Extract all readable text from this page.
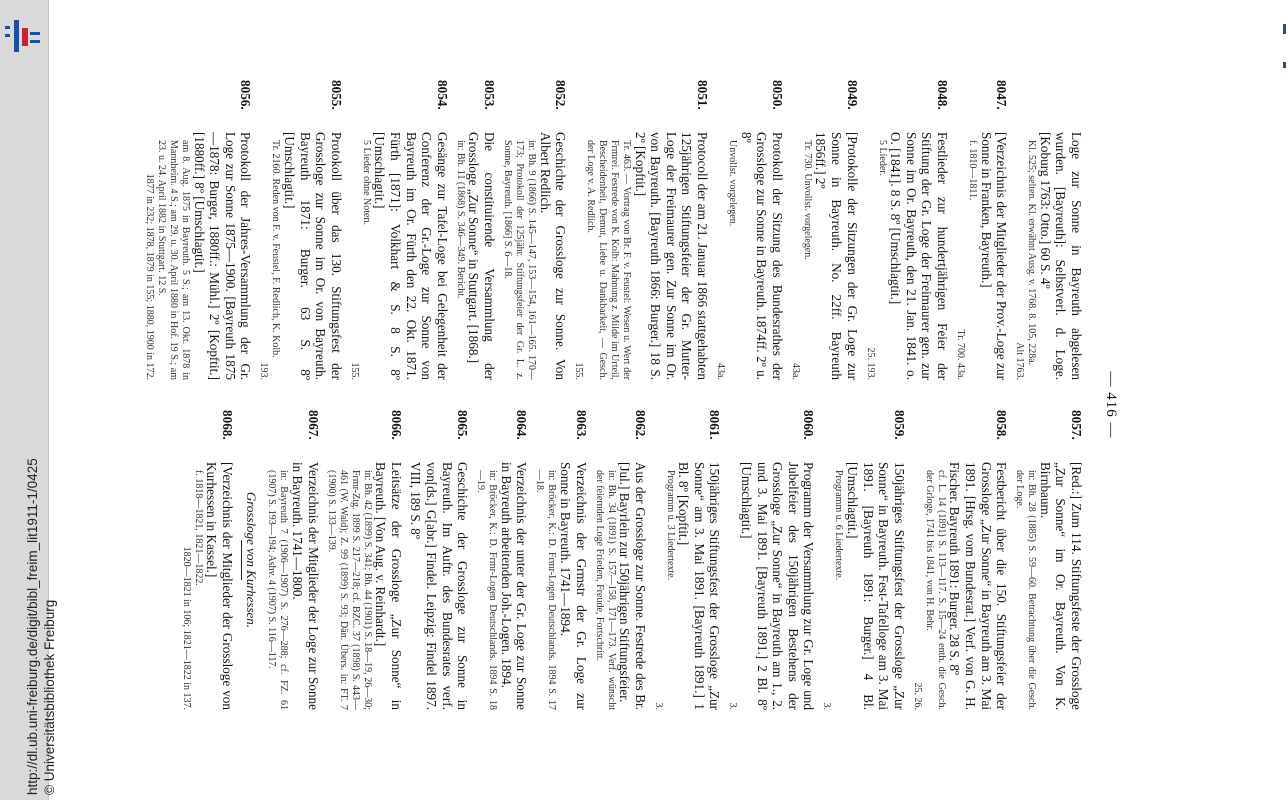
http://dl.ub.uni-freiburg.de/digit/bibl_freim_lit1911-1/0425 © Universitätsbibliothek Freiburg
— 416 —
Loge zur Sonne in Bayreuth abgelesen wurden. [Bayreuth]: Selbstverl. d. Loge. [Koburg 1763: Otto.] 60 S. 4º
Kl. 525; selten. Kl. erwähnt Ausg. v. 1768. 8. 105, 228a.
Alt 1763.
8047.
[Verzeichnis der Mitglieder der Prov.-Loge zur Sonne in Franken, Bayreuth.]
f. 1810—1811.
Tr. 700. 43a.
8048.
Festlieder zur hundertjährigen Feier der Stiftung der Gr. Loge der Freimaurer gen. zur Sonne im Or. Bayreuth, den 21. Jan. 1841. o. O. [1841]. 8 S. 8º [Umschlagtit.]
5 Lieder.
25. 193.
8049.
[Protokolle der Sitzungen der Gr. Loge zur Sonne in Bayreuth. No. 22ff. Bayreuth 1856ff.] 2º
Tr. 730. Unvollst. vorgelegen.
43a.
8050.
Protokoll der Sitzung des Bundesrathes der Grossloge zur Sonne in Bayreuth. 1874ff. 2º u. 8º
Unvollst. vorgelegen.
43a.
8051.
Protocoll der am 21. Januar 1866 stattgehabten 125jährigen Stiftungsfeier der Gr. Mutter-Loge der Freimaurer gen. Zur Sonne im Or. von Bayreuth. [Bayreuth 1866: Burger.] 18 S. 2º [Kopftit.]
Tr. 463. — Vortrag von Br. F. v. Feustel: Wesen u. Wert der Frmrei. Festrede von K. Kolb: Mahnung z. Milde im Urteil, Bescheidenheit, Demut, Liebe u. Dankbarkeit, — Gesch. der Loge v. A. Redlich.
155.
8052.
Geschichte der Grossloge zur Sonne. Von Albert Redlich.
in: Bh. 9 (1866) S. 145—147, 153—154, 161—165. 170—173; Protokoll der 125jähr. Stiftungsfeier der Gr. L. z. Sonne, Bayreuth. [1866] S. 6—18.
8053.
Die constituirende Versammlung der Grossloge „Zur Sonne“ in Stuttgart. [1868.]
in: Bh. 11 (1868) S. 346—349. Bericht.
8054.
Gesänge zur Tafel-Loge bei Gelegenheit der Conferenz der Gr.-Loge zur Sonne von Bayreuth im Or. Fürth den 22. Okt. 1871. Fürth [1871]: Volkhart & S. 8 S. 8º [Umschlagtit.]
5 Lieder ohne Noten.
155.
8055.
Protokoll über das 130. Stiftungsfest der Grossloge zur Sonne im Or. von Bayreuth. Bayreuth 1871: Burger. 63 S. 8º [Umschlagtit.]
Tr. 2160. Reden von F. v. Feustel, F. Redlich, K. Kolb.
193.
8056.
Protokoll der Jahres-Versammlung der Gr. Loge zur Sonne 1875—1900. [Bayreuth 1875—1878: Burger, 1880ff.: Mühl.] 2º [Kopftit.] [1880ff.] 8º [Umschlagtit.]
am 8. Aug. 1875 in Bayreuth. 5 S.; am 13. Okt. 1878 in Mannheim. 4 S.; am 29. u. 30. April 1880 in Hof. 19 S.; am 23. u. 24. April 1882 in Stuttgart. 12 S.
1877 in 232; 1878, 1879 in 155; 1880, 1900 in 172.
8057.
[Red.:] Zum 114. Stiftungsfeste der Grossloge „Zur Sonne“ im Or. Bayreuth. Von K. Birnbaum.
in: Bh. 28 (1885) S. 59—60. Betrachtung über die Gesch. der Loge.
8058.
Festbericht über die 150. Stiftungsfeier der Grossloge „Zur Sonne“ in Bayreuth am 3. Mai 1891. [Hrsg. vom Bundesrat.] Verf. von G. H. Fischer. Bayreuth 1891: Burger. 28 S. 8º
cf. L. 14 (1891) S. 113—117. S. 15—24 enth. die Gesch. der Grloge, 1741 bis 1841, von H. Behr.
25. 26.
8059.
150jähriges Stiftungsfest der Grossloge „Zur Sonne“ in Bayreuth. Fest-Tafelloge am 3. Mai 1891. [Bayreuth 1891: Burger.] 4 Bl. [Umschlagtit.]
Programm u. 6 Liedertexte.
3.
8060.
Programm der Versammlung zur Gr. Loge und Jubelfeier des 150jährigen Bestehens der Grossloge „Zur Sonne“ in Bayreuth am 1., 2. und 3. Mai 1891. [Bayreuth 1891.] 2 Bl. 8º [Umschlagtit.]
3.
8061.
150jähriges Stiftungsfest der Grossloge „Zur Sonne“ am 3. Mai 1891. [Bayreuth 1891.] 1 Bl. 8º [Kopftit.]
Programm u. 3 Liedertexte.
3.
8062.
Aus der Grossloge zur Sonne. Festrede des Br. [Jul.] Bayrlein zur 150jährigen Stiftungsfeier.
in: Bh. 34 (1891) S. 157—158, 171—173. Verf. wünscht der feiernden Loge Frieden, Freude, Fortschritt.
8063.
Verzeichnis der Grmstr der Gr. Loge zur Sonne in Bayreuth. 1741—1894.
in: Bröcker, K.: D. Frmr-Logen Deutschlands. 1894 S. 17—18.
8064.
Verzeichnis der unter der Gr. Loge zur Sonne in Bayreuth arbeitenden Joh.-Logen. 1894.
in: Bröcker, K.: D. Frmr-Logen Deutschlands. 1894 S. 18—19.
8065.
Geschichte der Grossloge zur Sonne in Bayreuth. Im Auftr. des Bundesrates verf. von[ds.] G[abr.] Findel. Leipzig: Findel 1897. VIII, 189 S. 8º
8066.
Leitsätze der Grossloge „Zur Sonne“ in Bayreuth. [Von Aug. v. Reinhardt.]
in: Bh. 42 (1899) S. 341; Bh. 44 (1901) S. 18—19, 26—30; Frmr-Ztg. 1899 S. 217—218; cf. BZC. 37 (1898) S. 443—461 (W. Wald); Z. 99 (1899) S. 93; Dän. Übers. in: FT. 7 (1900) S. 133—139.
8067.
Verzeichnis der Mitglieder der Loge zur Sonne in Bayreuth. 1741—1800.
in: Bayreuth 7 (1906—1907) S. 276—288; cf. FZ. 61 (1907) S. 193—194; Ashv. 4 (1907) S. 116—117.
Grossloge von Kurhessen.
8068.
[Verzeichnis der Mitglieder der Grossloge von Kurhessen in Kassel.]
f. 1818—1821, 1821—1822.
1820—1821 in 106; 1821—1822 in 137.
